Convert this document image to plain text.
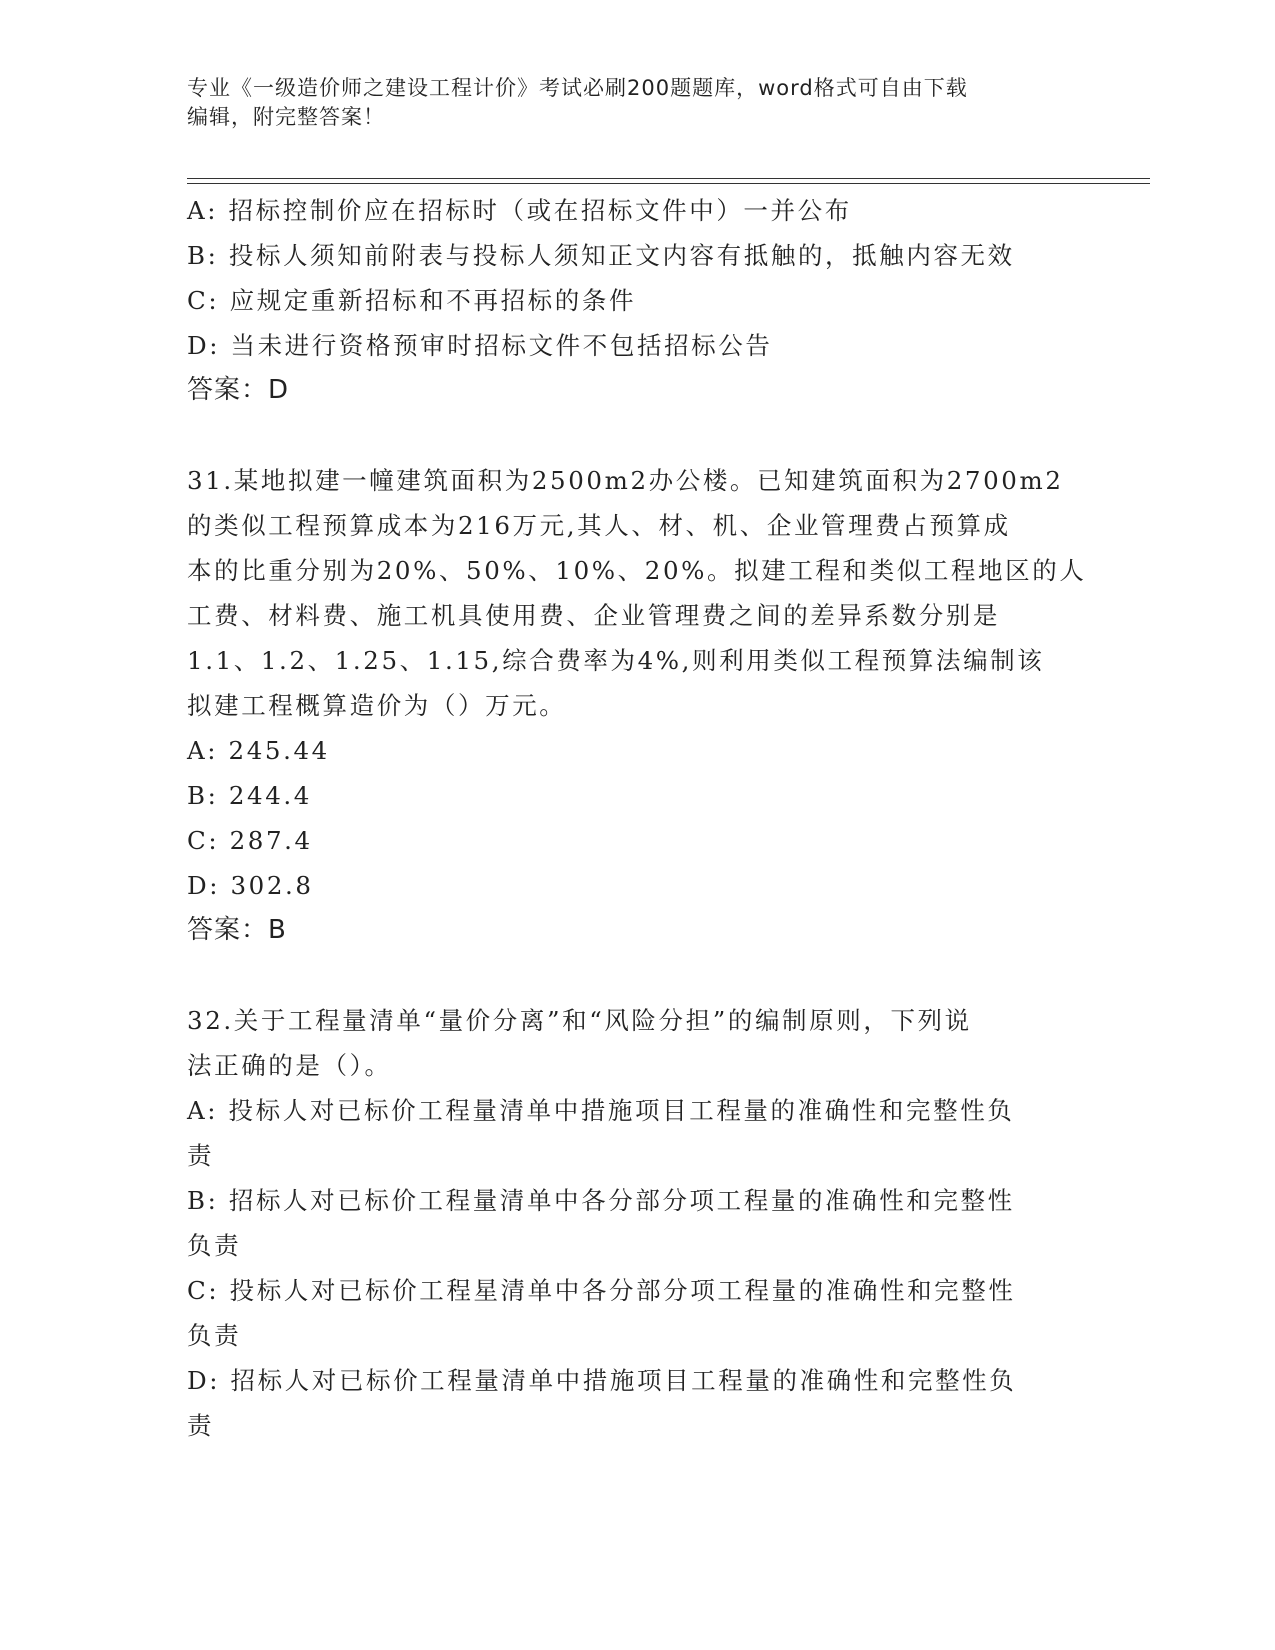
专业《一级造价师之建设工程计价》考试必刷200题题库，word格式可自由下载
编辑，附完整答案！

A: 招标控制价应在招标时（或在招标文件中）一并公布

B: 投标人须知前附表与投标人须知正文内容有抵触的，抵触内容无效

C: 应规定重新招标和不再招标的条件

D: 当未进行资格预审时招标文件不包括招标公告

答案：D

31.某地拟建一幢建筑面积为2500m2办公楼。已知建筑面积为2700m2

的类似工程预算成本为216万元,其人、材、机、企业管理费占预算成

本的比重分别为20%、50%、10%、20%。拟建工程和类似工程地区的人

工费、材料费、施工机具使用费、企业管理费之间的差异系数分别是

1.1、1.2、1.25、1.15,综合费率为4%,则利用类似工程预算法编制该

拟建工程概算造价为（）万元。

A: 245.44

B: 244.4

C: 287.4

D: 302.8

答案：B

32.关于工程量清单“量价分离”和“风险分担”的编制原则，下列说

法正确的是（）。

A: 投标人对已标价工程量清单中措施项目工程量的准确性和完整性负

责

B: 招标人对已标价工程量清单中各分部分项工程量的准确性和完整性

负责

C: 投标人对已标价工程星清单中各分部分项工程量的准确性和完整性

负责

D: 招标人对已标价工程量清单中措施项目工程量的准确性和完整性负

责
